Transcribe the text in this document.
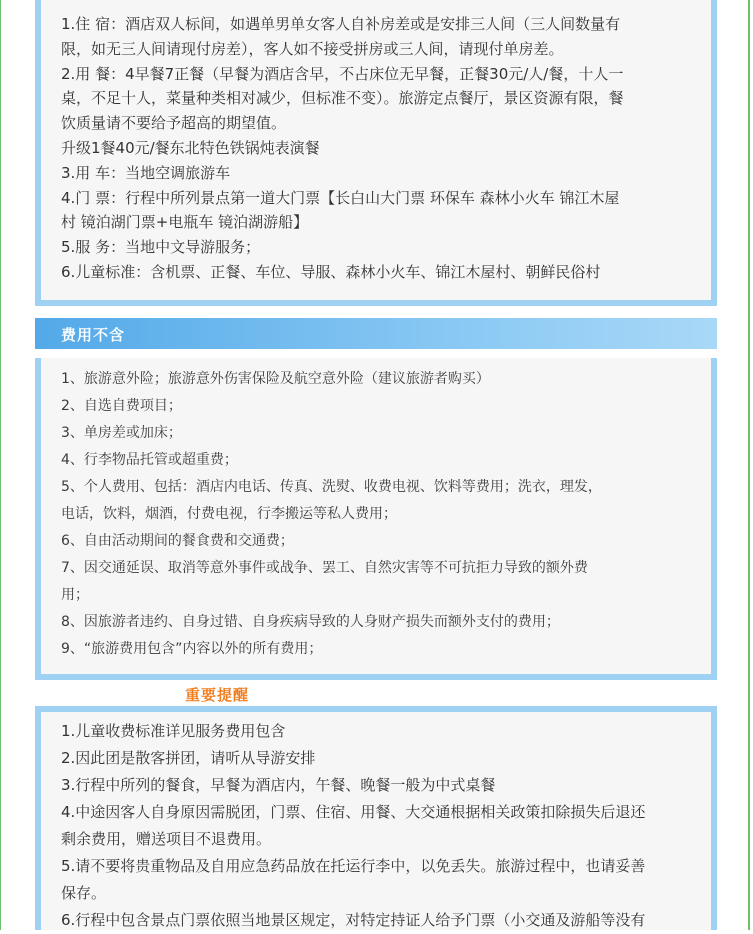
1.住 宿：酒店双人标间，如遇单男单女客人自补房差或是安排三人间（三人间数量有
限，如无三人间请现付房差），客人如不接受拼房或三人间，请现付单房差。
2.用 餐：4早餐7正餐（早餐为酒店含早，不占床位无早餐，正餐30元/人/餐，十人一
桌，不足十人，菜量种类相对减少，但标准不变）。旅游定点餐厅，景区资源有限，餐
饮质量请不要给予超高的期望值。
升级1餐40元/餐东北特色铁锅炖表演餐
3.用 车：当地空调旅游车
4.门 票：行程中所列景点第一道大门票【长白山大门票 环保车 森林小火车 锦江木屋
村 镜泊湖门票+电瓶车 镜泊湖游船】
5.服 务：当地中文导游服务；
6.儿童标准：含机票、正餐、车位、导服、森林小火车、锦江木屋村、朝鲜民俗村
费用不含
1、旅游意外险；旅游意外伤害保险及航空意外险（建议旅游者购买）
2、自选自费项目；
3、单房差或加床；
4、行李物品托管或超重费；
5、个人费用、包括：酒店内电话、传真、洗熨、收费电视、饮料等费用；洗衣，理发，
电话，饮料，烟酒，付费电视，行李搬运等私人费用；
6、自由活动期间的餐食费和交通费；
7、因交通延误、取消等意外事件或战争、罢工、自然灾害等不可抗拒力导致的额外费
用；
8、因旅游者违约、自身过错、自身疾病导致的人身财产损失而额外支付的费用；
9、“旅游费用包含”内容以外的所有费用；
重要提醒
1.儿童收费标准详见服务费用包含
2.因此团是散客拼团，请听从导游安排
3.行程中所列的餐食，早餐为酒店内，午餐、晚餐一般为中式桌餐
4.中途因客人自身原因需脱团，门票、住宿、用餐、大交通根据相关政策扣除损失后退还
剩余费用，赠送项目不退费用。
5.请不要将贵重物品及自用应急药品放在托运行李中，以免丢失。旅游过程中，也请妥善
保存。
6.行程中包含景点门票依照当地景区规定，对特定持证人给予门票（小交通及游船等没有
